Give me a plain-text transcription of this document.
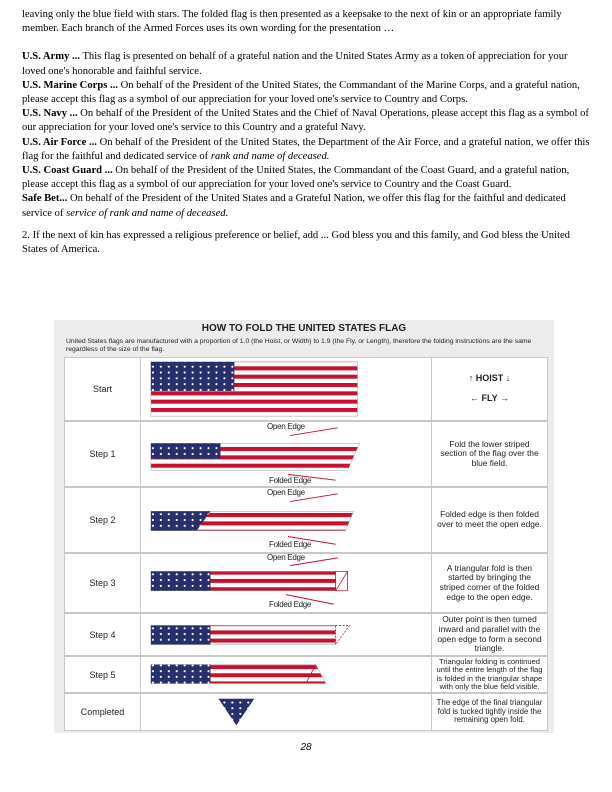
leaving only the blue field with stars. The folded flag is then presented as a keepsake to the next of kin or an appropriate family member. Each branch of the Armed Forces uses its own wording for the presentation …

U.S. Army ... This flag is presented on behalf of a grateful nation and the United States Army as a token of appreciation for your loved one's honorable and faithful service.

U.S. Marine Corps ... On behalf of the President of the United States, the Commandant of the Marine Corps, and a grateful nation, please accept this flag as a symbol of our appreciation for your loved one's service to Country and Corps.

U.S. Navy ... On behalf of the President of the United States and the Chief of Naval Operations, please accept this flag as a symbol of our appreciation for your loved one's service to this Country and a grateful Navy.

U.S. Air Force ... On behalf of the President of the United States, the Department of the Air Force, and a grateful nation, we offer this flag for the faithful and dedicated service of rank and name of deceased.

U.S. Coast Guard ... On behalf of the President of the United States, the Commandant of the Coast Guard, and a grateful nation, please accept this flag as a symbol of our appreciation for your loved one's service to Country and the Coast Guard.

Safe Bet... On behalf of the President of the United States and a Grateful Nation, we offer this flag for the faithful and dedicated service of service of rank and name of deceased.

2. If the next of kin has expressed a religious preference or belief, add ... God bless you and this family, and God bless the United States of America.

HOW TO FOLD THE UNITED STATES FLAG
United States flags are manufactured with a proportion of 1.0 (the Hoist, or Width) to 1.9 (the Fly, or Length), therefore the folding instructions are the same regardless of the size of the flag.
Start
↑ HOIST ↓
← FLY →
Step 1
Open Edge
Folded Edge
Fold the lower striped section of the flag over the blue field.
Step 2
Open Edge
Folded Edge
Folded edge is then folded over to meet the open edge.
Step 3
Open Edge
Folded Edge
A triangular fold is then started by bringing the striped corner of the folded edge to the open edge.
Step 4
Outer point is then turned inward and parallel with the open edge to form a second triangle.
Step 5
Triangular folding is continued until the entire length of the flag is folded in the triangular shape with only the blue field visible.
Completed
The edge of the final triangular fold is tucked tightly inside the remaining open fold.
28
